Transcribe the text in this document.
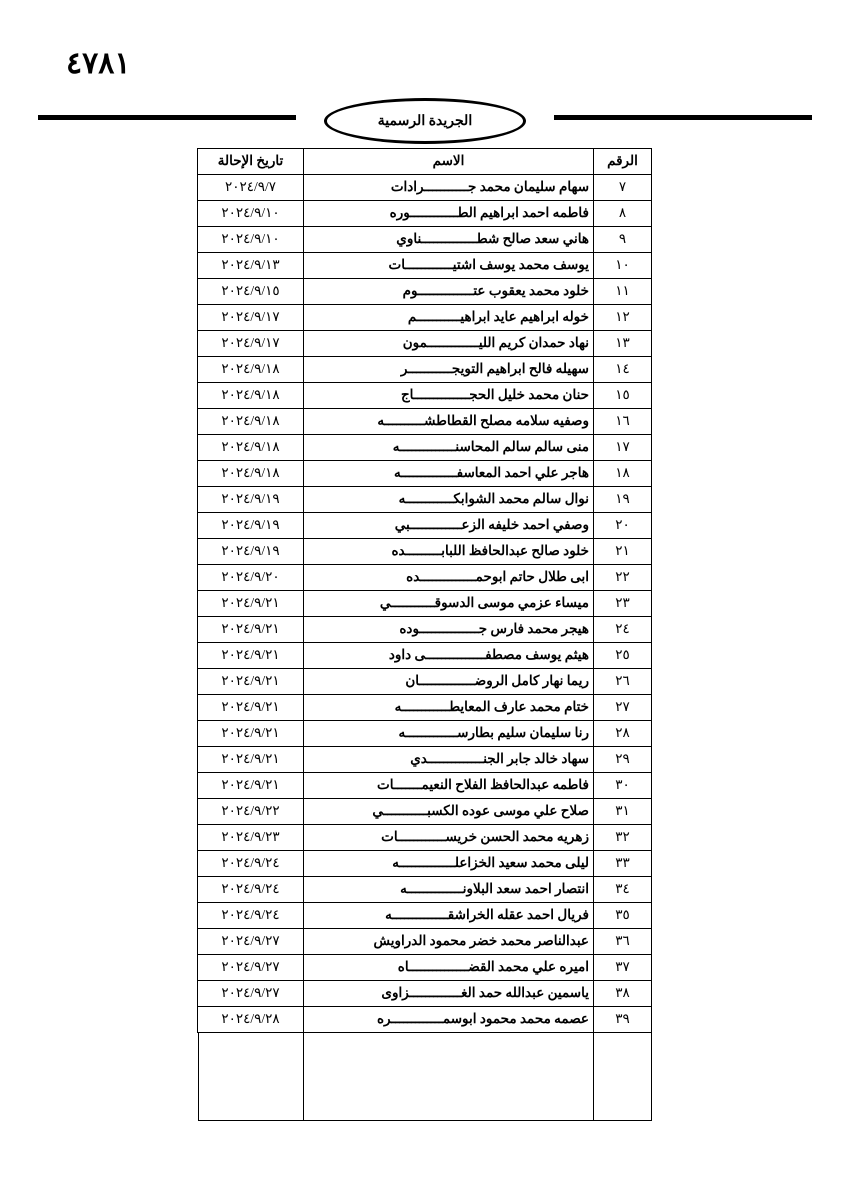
٤٧٨١
الجريدة الرسمية
الرقم	الاسم	تاريخ الإحالة
٧	سهام سليمان محمد جـــــــــــرادات	٢٠٢٤/٩/٧
٨	فاطمه احمد ابراهيم الطــــــــــــوره	٢٠٢٤/٩/١٠
٩	هاني سعد صالح شطــــــــــــــناوي	٢٠٢٤/٩/١٠
١٠	يوسف محمد يوسف اشتيــــــــــــات	٢٠٢٤/٩/١٣
١١	خلود محمد يعقوب عتــــــــــــــوم	٢٠٢٤/٩/١٥
١٢	خوله ابراهيم عايد ابراهيـــــــــــم	٢٠٢٤/٩/١٧
١٣	نهاد حمدان كريم الليـــــــــــــمون	٢٠٢٤/٩/١٧
١٤	سهيله فالح ابراهيم التويجـــــــــــر	٢٠٢٤/٩/١٨
١٥	حنان محمد خليل الحجــــــــــــــاج	٢٠٢٤/٩/١٨
١٦	وصفيه سلامه مصلح القطاطشــــــــــه	٢٠٢٤/٩/١٨
١٧	منى سالم سالم المحاسنــــــــــــــه	٢٠٢٤/٩/١٨
١٨	هاجر علي احمد المعاسفــــــــــــــه	٢٠٢٤/٩/١٨
١٩	نوال سالم محمد الشوابكــــــــــــه	٢٠٢٤/٩/١٩
٢٠	وصفي احمد خليفه الزعـــــــــــــبي	٢٠٢٤/٩/١٩
٢١	خلود صالح عبدالحافظ اللبابـــــــــده	٢٠٢٤/٩/١٩
٢٢	ابى طلال حاتم ابوحمــــــــــــــده	٢٠٢٤/٩/٢٠
٢٣	ميساء عزمي موسى الدسوقـــــــــــي	٢٠٢٤/٩/٢١
٢٤	هيجر محمد فارس جـــــــــــــــوده	٢٠٢٤/٩/٢١
٢٥	هيثم يوسف مصطفـــــــــــــــى داود	٢٠٢٤/٩/٢١
٢٦	ريما نهار كامل الروضــــــــــــــان	٢٠٢٤/٩/٢١
٢٧	ختام محمد عارف المعايطــــــــــــه	٢٠٢٤/٩/٢١
٢٨	رنا سليمان سليم بطارســـــــــــــه	٢٠٢٤/٩/٢١
٢٩	سهاد خالد جابر الجنــــــــــــــدي	٢٠٢٤/٩/٢١
٣٠	فاطمه عبدالحافظ الفلاح النعيمـــــــات	٢٠٢٤/٩/٢١
٣١	صلاح علي موسى عوده الكسبـــــــــــي	٢٠٢٤/٩/٢٢
٣٢	زهريه محمد الحسن خريســــــــــــات	٢٠٢٤/٩/٢٣
٣٣	ليلى محمد سعيد الخزاعلــــــــــــــه	٢٠٢٤/٩/٢٤
٣٤	انتصار احمد سعد البلاونــــــــــــــه	٢٠٢٤/٩/٢٤
٣٥	فريال احمد عقله الخراشقــــــــــــــه	٢٠٢٤/٩/٢٤
٣٦	عبدالناصر محمد خضر محمود الدراويش	٢٠٢٤/٩/٢٧
٣٧	اميره علي محمد القضـــــــــــــــاه	٢٠٢٤/٩/٢٧
٣٨	ياسمين عبدالله حمد الغـــــــــــــزاوى	٢٠٢٤/٩/٢٧
٣٩	عصمه محمد محمود ابوسمـــــــــــــره	٢٠٢٤/٩/٢٨
